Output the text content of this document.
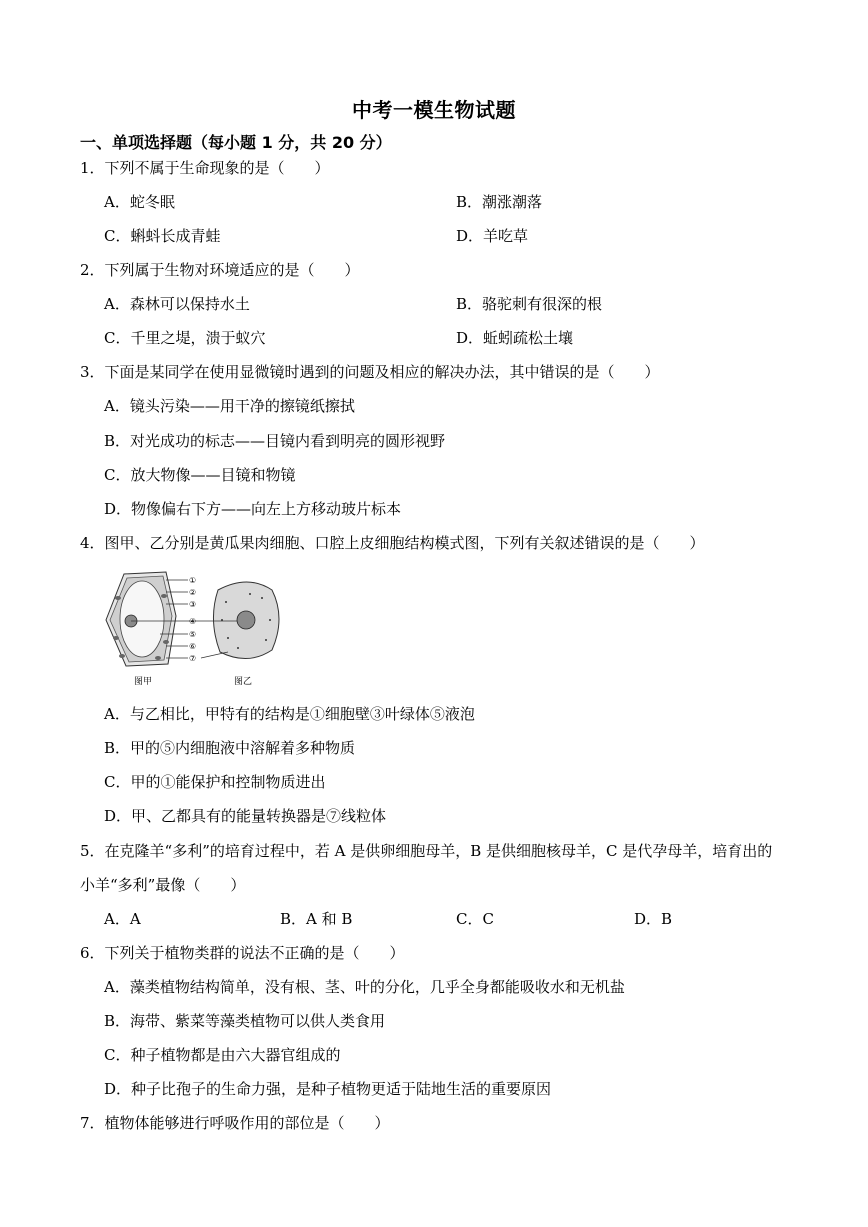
中考一模生物试题
一、单项选择题（每小题 1 分，共 20 分）
1．下列不属于生命现象的是（　　）
A．蛇冬眠	B．潮涨潮落
C．蝌蚪长成青蛙	D．羊吃草
2．下列属于生物对环境适应的是（　　）
A．森林可以保持水土	B．骆驼刺有很深的根
C．千里之堤，溃于蚁穴	D．蚯蚓疏松土壤
3．下面是某同学在使用显微镜时遇到的问题及相应的解决办法，其中错误的是（　　）
A．镜头污染——用干净的擦镜纸擦拭
B．对光成功的标志——目镜内看到明亮的圆形视野
C．放大物像——目镜和物镜
D．物像偏右下方——向左上方移动玻片标本
4．图甲、乙分别是黄瓜果肉细胞、口腔上皮细胞结构模式图，下列有关叙述错误的是（　　）
①
②
③
④
⑤
⑥
⑦
图甲	图乙
A．与乙相比，甲特有的结构是①细胞壁③叶绿体⑤液泡
B．甲的⑤内细胞液中溶解着多种物质
C．甲的①能保护和控制物质进出
D．甲、乙都具有的能量转换器是⑦线粒体
5．在克隆羊“多利”的培育过程中，若 A 是供卵细胞母羊，B 是供细胞核母羊，C 是代孕母羊，培育出的
小羊“多利”最像（　　）
A．A	B．A 和 B	C．C	D．B
6．下列关于植物类群的说法不正确的是（　　）
A．藻类植物结构简单，没有根、茎、叶的分化，几乎全身都能吸收水和无机盐
B．海带、紫菜等藻类植物可以供人类食用
C．种子植物都是由六大器官组成的
D．种子比孢子的生命力强，是种子植物更适于陆地生活的重要原因
7．植物体能够进行呼吸作用的部位是（　　）
